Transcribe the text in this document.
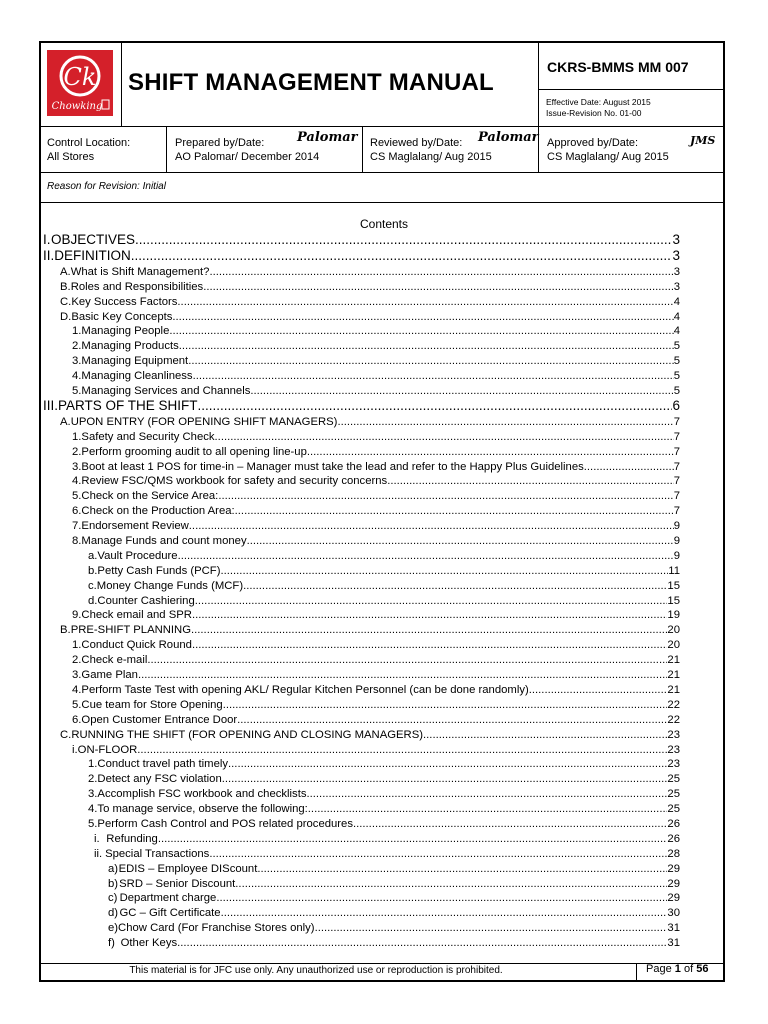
Ck
Chowking
SHIFT MANAGEMENT MANUAL
CKRS-BMMS MM 007
Effective Date: August 2015
Issue-Revision No. 01-00
Control Location:
All Stores
Prepared by/Date:
AO Palomar/ December 2014
Palomar Reviewed by/Date:
CS Maglalang/ Aug 2015
Palomar Approved by/Date:
CS Maglalang/ Aug 2015
JMS
Reason for Revision: Initial
Contents
I. OBJECTIVES .....	3
II. DEFINITION .....	3
A. What is Shift Management? .....	3
B. Roles and Responsibilities .....	3
C. Key Success Factors .....	4
D. Basic Key Concepts .....	4
1. Managing People .....	4
2. Managing Products .....	5
3. Managing Equipment .....	5
4. Managing Cleanliness .....	5
5. Managing Services and Channels .....	5
III. PARTS OF THE SHIFT .....	6
A. UPON ENTRY (FOR OPENING SHIFT MANAGERS) .....	7
1. Safety and Security Check .....	7
2. Perform grooming audit to all opening line-up .....	7
3. Boot at least 1 POS for time-in – Manager must take the lead and refer to the Happy Plus Guidelines .....	7
4. Review FSC/QMS workbook for safety and security concerns .....	7
5. Check on the Service Area: .....	7
6. Check on the Production Area: .....	7
7. Endorsement Review .....	9
8. Manage Funds and count money .....	9
a. Vault Procedure .....	9
b. Petty Cash Funds (PCF) .....	11
c. Money Change Funds (MCF) .....	15
d. Counter Cashiering .....	15
9. Check email and SPR .....	19
B. PRE-SHIFT PLANNING .....	20
1. Conduct Quick Round .....	20
2. Check e-mail .....	21
3. Game Plan .....	21
4. Perform Taste Test with opening AKL/ Regular Kitchen Personnel (can be done randomly) .....	21
5. Cue team for Store Opening .....	22
6. Open Customer Entrance Door .....	22
C. RUNNING THE SHIFT (FOR OPENING AND CLOSING MANAGERS) .....	23
i. ON-FLOOR .....	23
1. Conduct travel path timely .....	23
2. Detect any FSC violation .....	25
3. Accomplish FSC workbook and checklists .....	25
4. To manage service, observe the following: .....	25
5. Perform Cash Control and POS related procedures .....	26
i. Refunding .....	26
ii. Special Transactions .....	28
a) EDIS – Employee DIScount .....	29
b) SRD – Senior Discount .....	29
c) Department charge .....	29
d) GC – Gift Certificate .....	30
e) Chow Card (For Franchise Stores only) .....	31
f) Other Keys .....	31
This material is for JFC use only. Any unauthorized use or reproduction is prohibited.	Page 1 of 56
